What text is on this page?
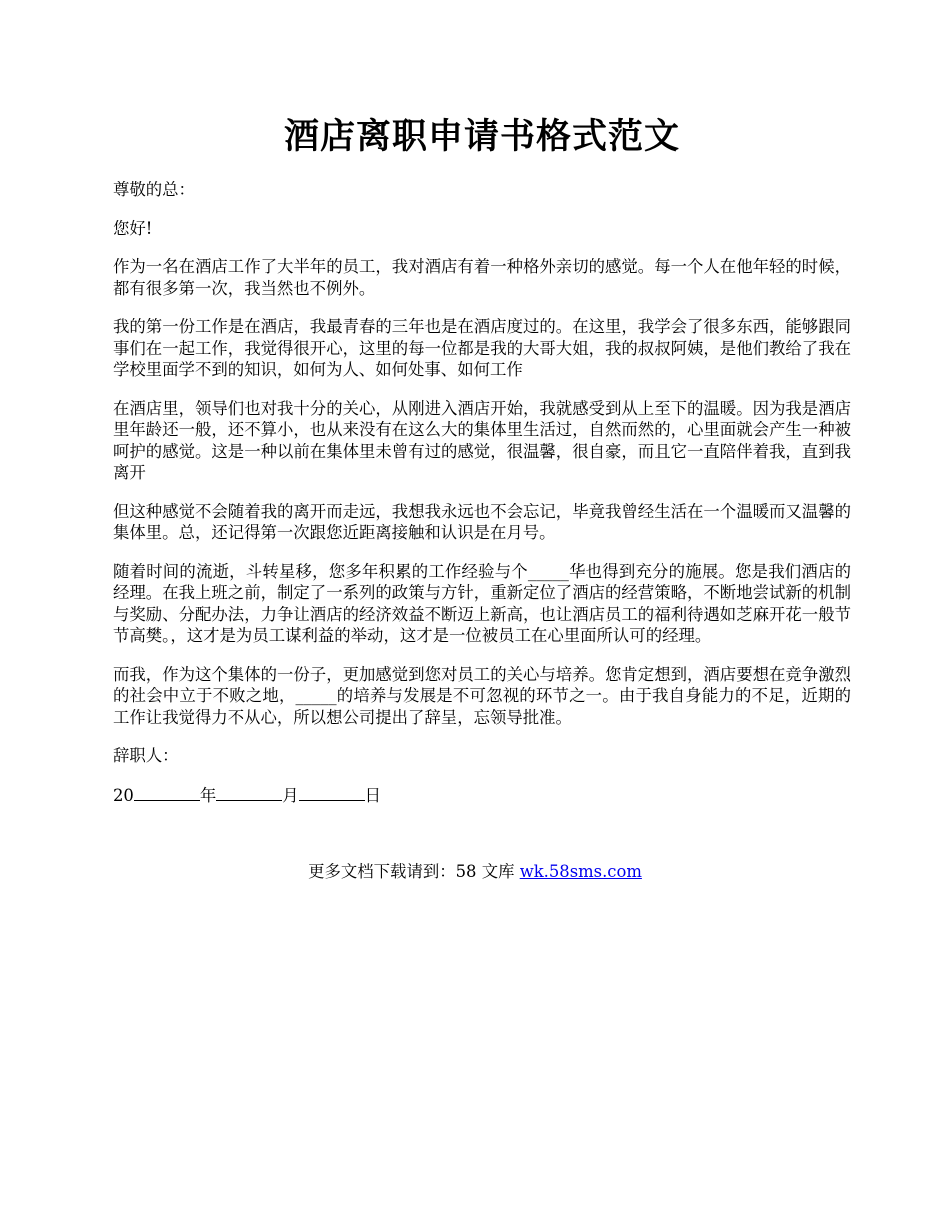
酒店离职申请书格式范文

尊敬的总：

您好!

作为一名在酒店工作了大半年的员工，我对酒店有着一种格外亲切的感觉。每一个人在他年轻的时候，都有很多第一次，我当然也不例外。

我的第一份工作是在酒店，我最青春的三年也是在酒店度过的。在这里，我学会了很多东西，能够跟同事们在一起工作，我觉得很开心，这里的每一位都是我的大哥大姐，我的叔叔阿姨，是他们教给了我在学校里面学不到的知识，如何为人、如何处事、如何工作

在酒店里，领导们也对我十分的关心，从刚进入酒店开始，我就感受到从上至下的温暖。因为我是酒店里年龄还一般，还不算小，也从来没有在这么大的集体里生活过，自然而然的，心里面就会产生一种被呵护的感觉。这是一种以前在集体里未曾有过的感觉，很温馨，很自豪，而且它一直陪伴着我，直到我离开

但这种感觉不会随着我的离开而走远，我想我永远也不会忘记，毕竟我曾经生活在一个温暖而又温馨的集体里。总，还记得第一次跟您近距离接触和认识是在月号。

随着时间的流逝，斗转星移，您多年积累的工作经验与个_____华也得到充分的施展。您是我们酒店的经理。在我上班之前，制定了一系列的政策与方针，重新定位了酒店的经营策略，不断地尝试新的机制与奖励、分配办法，力争让酒店的经济效益不断迈上新高，也让酒店员工的福利待遇如芝麻开花一般节节高樊。，这才是为员工谋利益的举动，这才是一位被员工在心里面所认可的经理。

而我，作为这个集体的一份子，更加感觉到您对员工的关心与培养。您肯定想到，酒店要想在竞争激烈的社会中立于不败之地，_____的培养与发展是不可忽视的环节之一。由于我自身能力的不足，近期的工作让我觉得力不从心，所以想公司提出了辞呈，忘领导批准。

辞职人：

20	年	月	日

更多文档下载请到：58 文库 wk.58sms.com
